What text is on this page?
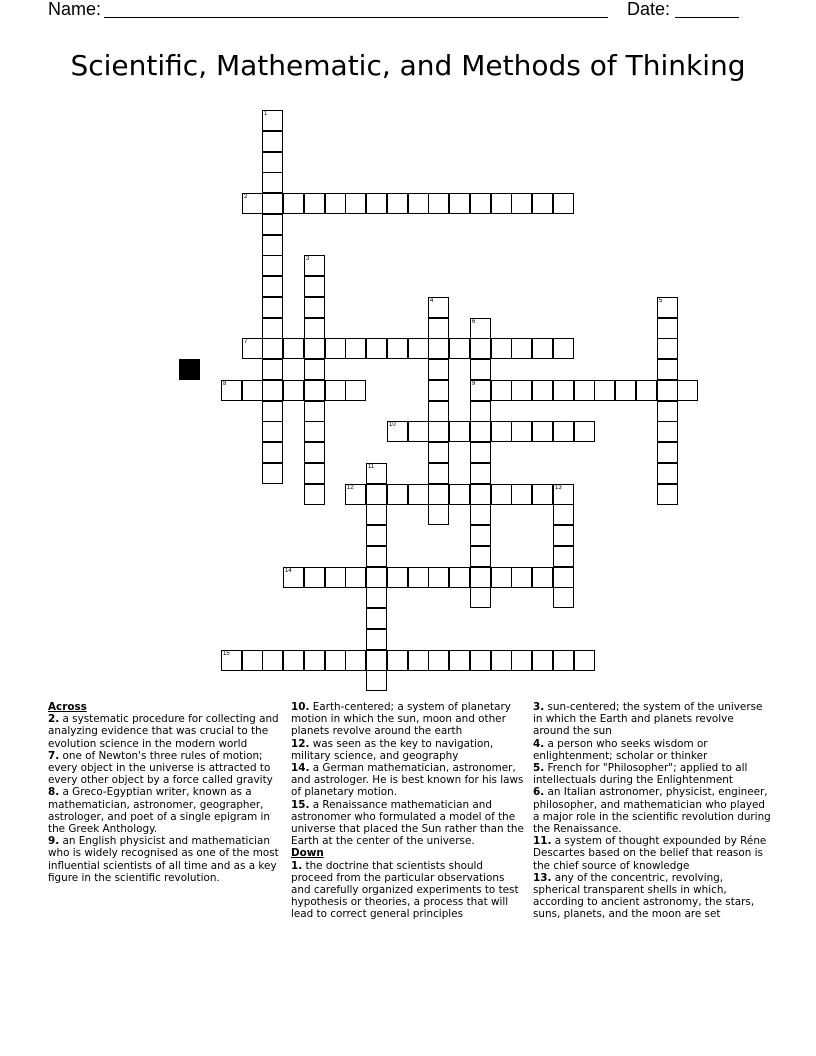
Name:	Date:
Scientific, Mathematic, and Methods of Thinking
1
2
3
4	5
6
9
7
8
10
11
12	13
14
15

Across

2. a systematic procedure for collecting and analyzing evidence that was crucial to the evolution science in the modern world
7. one of Newton's three rules of motion; every object in the universe is attracted to every other object by a force called gravity
8. a Greco-Egyptian writer, known as a mathematician, astronomer, geographer, astrologer, and poet of a single epigram in the Greek Anthology.
9. an English physicist and mathematician who is widely recognised as one of the most influential scientists of all time and as a key figure in the scientific revolution.
10. Earth-centered; a system of planetary motion in which the sun, moon and other planets revolve around the earth
12. was seen as the key to navigation, military science, and geography
14. a German mathematician, astronomer, and astrologer. He is best known for his laws of planetary motion.
15. a Renaissance mathematician and astronomer who formulated a model of the universe that placed the Sun rather than the Earth at the center of the universe.

Down

1. the doctrine that scientists should proceed from the particular observations and carefully organized experiments to test hypothesis or theories, a process that will lead to correct general principles
3. sun-centered; the system of the universe in which the Earth and planets revolve around the sun
4. a person who seeks wisdom or enlightenment; scholar or thinker
5. French for "Philosopher"; applied to all intellectuals during the Enlightenment
6. an Italian astronomer, physicist, engineer, philosopher, and mathematician who played a major role in the scientific revolution during the Renaissance.
11. a system of thought expounded by Réne Descartes based on the belief that reason is the chief source of knowledge
13. any of the concentric, revolving, spherical transparent shells in which, according to ancient astronomy, the stars, suns, planets, and the moon are set
